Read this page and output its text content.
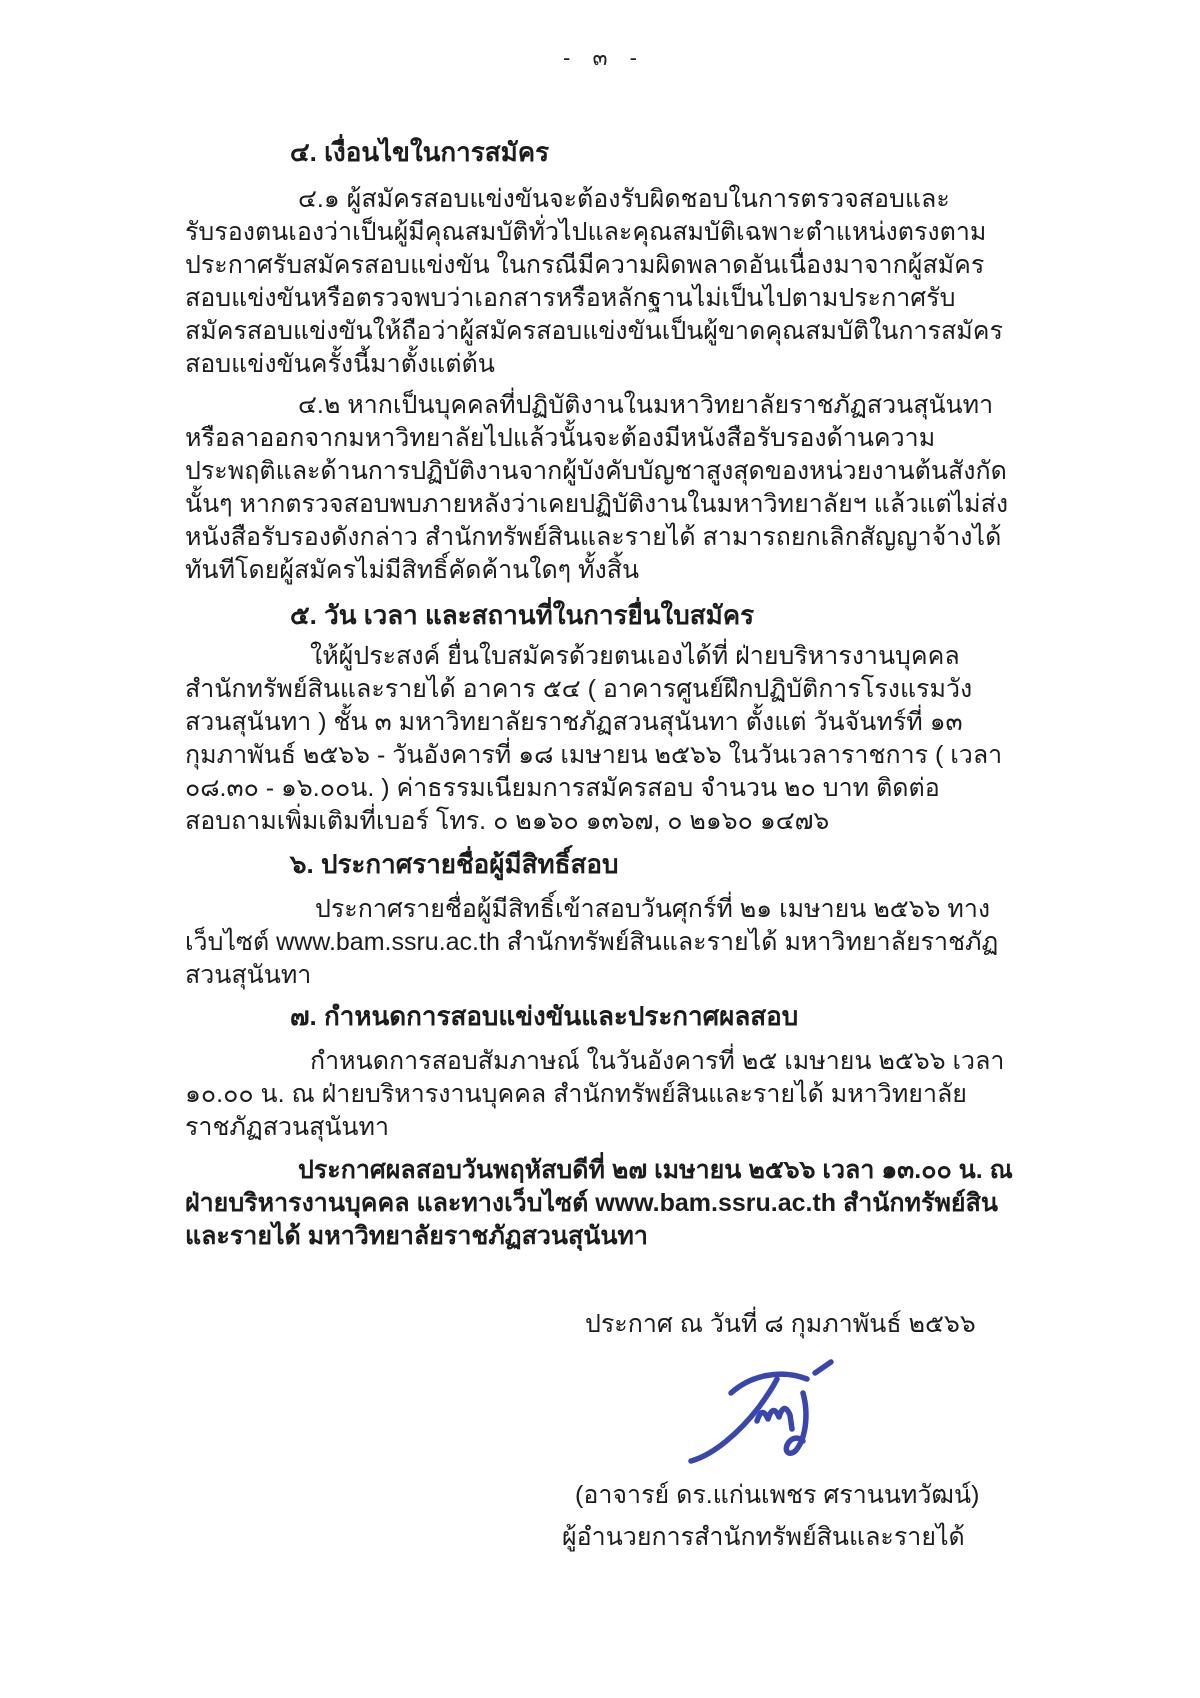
- ๓ -
๔. เงื่อนไขในการสมัคร

๔.๑ ผู้สมัครสอบแข่งขันจะต้องรับผิดชอบในการตรวจสอบและรับรองตนเองว่าเป็นผู้มีคุณสมบัติทั่วไปและคุณสมบัติเฉพาะตำแหน่งตรงตามประกาศรับสมัครสอบแข่งขัน ในกรณีมีความผิดพลาดอันเนื่องมาจากผู้สมัครสอบแข่งขันหรือตรวจพบว่าเอกสารหรือหลักฐานไม่เป็นไปตามประกาศรับสมัครสอบแข่งขันให้ถือว่าผู้สมัครสอบแข่งขันเป็นผู้ขาดคุณสมบัติในการสมัครสอบแข่งขันครั้งนี้มาตั้งแต่ต้น

๔.๒ หากเป็นบุคคลที่ปฏิบัติงานในมหาวิทยาลัยราชภัฏสวนสุนันทาหรือลาออกจากมหาวิทยาลัยไปแล้วนั้นจะต้องมีหนังสือรับรองด้านความประพฤติและด้านการปฏิบัติงานจากผู้บังคับบัญชาสูงสุดของหน่วยงานต้นสังกัดนั้นๆ หากตรวจสอบพบภายหลังว่าเคยปฏิบัติงานในมหาวิทยาลัยฯ แล้วแต่ไม่ส่งหนังสือรับรองดังกล่าว สำนักทรัพย์สินและรายได้ สามารถยกเลิกสัญญาจ้างได้ทันทีโดยผู้สมัครไม่มีสิทธิ์คัดค้านใดๆ ทั้งสิ้น

๕. วัน เวลา และสถานที่ในการยื่นใบสมัคร

ให้ผู้ประสงค์ ยื่นใบสมัครด้วยตนเองได้ที่ ฝ่ายบริหารงานบุคคล สำนักทรัพย์สินและรายได้ อาคาร ๕๔ ( อาคารศูนย์ฝึกปฏิบัติการโรงแรมวังสวนสุนันทา ) ชั้น ๓ มหาวิทยาลัยราชภัฏสวนสุนันทา ตั้งแต่ วันจันทร์ที่ ๑๓ กุมภาพันธ์ ๒๕๖๖ - วันอังคารที่ ๑๘ เมษายน ๒๕๖๖ ในวันเวลาราชการ ( เวลา ๐๘.๓๐ - ๑๖.๐๐น. ) ค่าธรรมเนียมการสมัครสอบ จำนวน ๒๐ บาท ติดต่อสอบถามเพิ่มเติมที่เบอร์ โทร. ๐ ๒๑๖๐ ๑๓๖๗, ๐ ๒๑๖๐ ๑๔๗๖

๖. ประกาศรายชื่อผู้มีสิทธิ์สอบ

ประกาศรายชื่อผู้มีสิทธิ์เข้าสอบวันศุกร์ที่ ๒๑ เมษายน ๒๕๖๖ ทางเว็บไซต์ www.bam.ssru.ac.th สำนักทรัพย์สินและรายได้ มหาวิทยาลัยราชภัฏสวนสุนันทา

๗. กำหนดการสอบแข่งขันและประกาศผลสอบ

กำหนดการสอบสัมภาษณ์ ในวันอังคารที่ ๒๕ เมษายน ๒๕๖๖ เวลา ๑๐.๐๐ น. ณ ฝ่ายบริหารงานบุคคล สำนักทรัพย์สินและรายได้ มหาวิทยาลัยราชภัฏสวนสุนันทา

ประกาศผลสอบวันพฤหัสบดีที่ ๒๗ เมษายน ๒๕๖๖ เวลา ๑๓.๐๐ น. ณ ฝ่ายบริหารงานบุคคล และทางเว็บไซต์ www.bam.ssru.ac.th สำนักทรัพย์สินและรายได้ มหาวิทยาลัยราชภัฏสวนสุนันทา

ประกาศ ณ วันที่ ๘ กุมภาพันธ์ ๒๕๖๖
(อาจารย์ ดร.แก่นเพชร ศรานนทวัฒน์)
ผู้อำนวยการสำนักทรัพย์สินและรายได้
